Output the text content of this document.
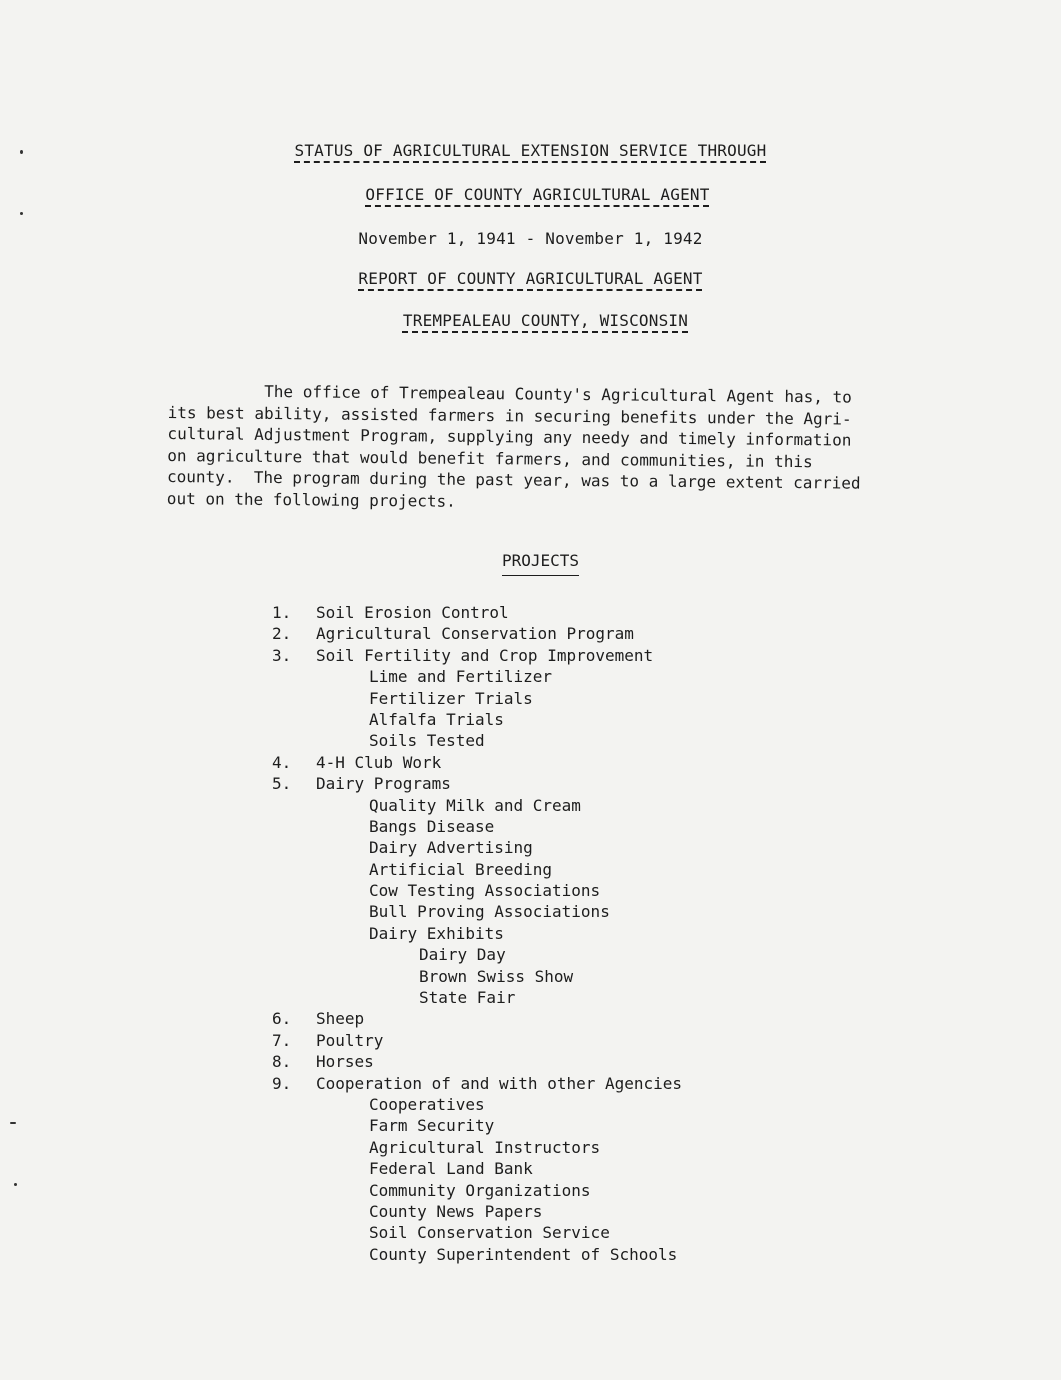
STATUS OF AGRICULTURAL EXTENSION SERVICE THROUGH
OFFICE OF COUNTY AGRICULTURAL AGENT
November 1, 1941 - November 1, 1942
REPORT OF COUNTY AGRICULTURAL AGENT
TREMPEALEAU COUNTY, WISCONSIN
The office of Trempealeau County's Agricultural Agent has, to
its best ability, assisted farmers in securing benefits under the Agri-
cultural Adjustment Program, supplying any needy and timely information
on agriculture that would benefit farmers, and communities, in this
county.  The program during the past year, was to a large extent carried
out on the following projects.
PROJECTS
1. Soil Erosion Control
2. Agricultural Conservation Program
3. Soil Fertility and Crop Improvement
Lime and Fertilizer
Fertilizer Trials
Alfalfa Trials
Soils Tested
4. 4-H Club Work
5. Dairy Programs
Quality Milk and Cream
Bangs Disease
Dairy Advertising
Artificial Breeding
Cow Testing Associations
Bull Proving Associations
Dairy Exhibits
Dairy Day
Brown Swiss Show
State Fair
6. Sheep
7. Poultry
8. Horses
9. Cooperation of and with other Agencies
Cooperatives
Farm Security
Agricultural Instructors
Federal Land Bank
Community Organizations
County News Papers
Soil Conservation Service
County Superintendent of Schools
